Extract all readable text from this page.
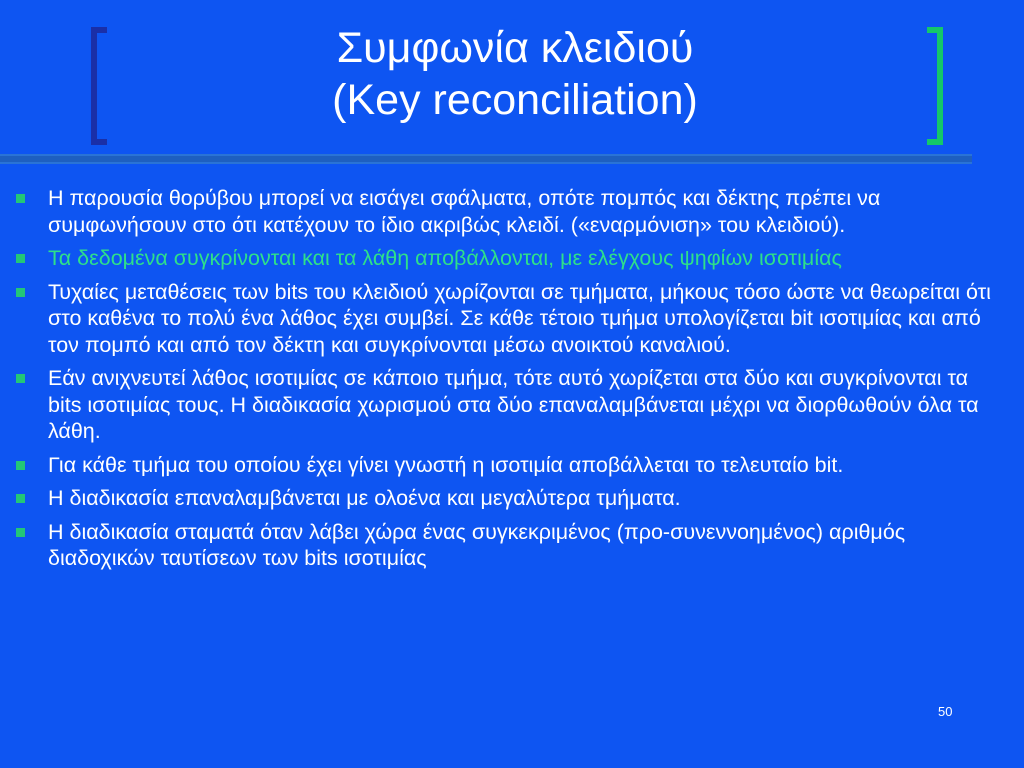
Συμφωνία κλειδιού
(Key reconciliation)
Η παρουσία θορύβου μπορεί να εισάγει σφάλματα, οπότε πομπός και δέκτης πρέπει να συμφωνήσουν στο ότι κατέχουν το ίδιο ακριβώς κλειδί. («εναρμόνιση» του κλειδιού).
Τα δεδομένα συγκρίνονται και τα λάθη αποβάλλονται, με ελέγχους ψηφίων ισοτιμίας
Τυχαίες μεταθέσεις των bits του κλειδιού χωρίζονται σε τμήματα, μήκους τόσο ώστε να θεωρείται ότι στο καθένα το πολύ ένα λάθος έχει συμβεί. Σε κάθε τέτοιο τμήμα υπολογίζεται bit ισοτιμίας και από τον πομπό και από τον δέκτη και συγκρίνονται μέσω ανοικτού καναλιού.
Εάν ανιχνευτεί λάθος ισοτιμίας σε κάποιο τμήμα, τότε αυτό χωρίζεται στα δύο και συγκρίνονται τα bits ισοτιμίας τους. Η διαδικασία χωρισμού στα δύο επαναλαμβάνεται μέχρι να διορθωθούν όλα τα λάθη.
Για κάθε τμήμα του οποίου έχει γίνει γνωστή η ισοτιμία αποβάλλεται το τελευταίο bit.
Η διαδικασία επαναλαμβάνεται με ολοένα και μεγαλύτερα τμήματα.
Η διαδικασία σταματά όταν λάβει χώρα ένας συγκεκριμένος (προ-συνεννοημένος) αριθμός διαδοχικών ταυτίσεων των bits ισοτιμίας
50
